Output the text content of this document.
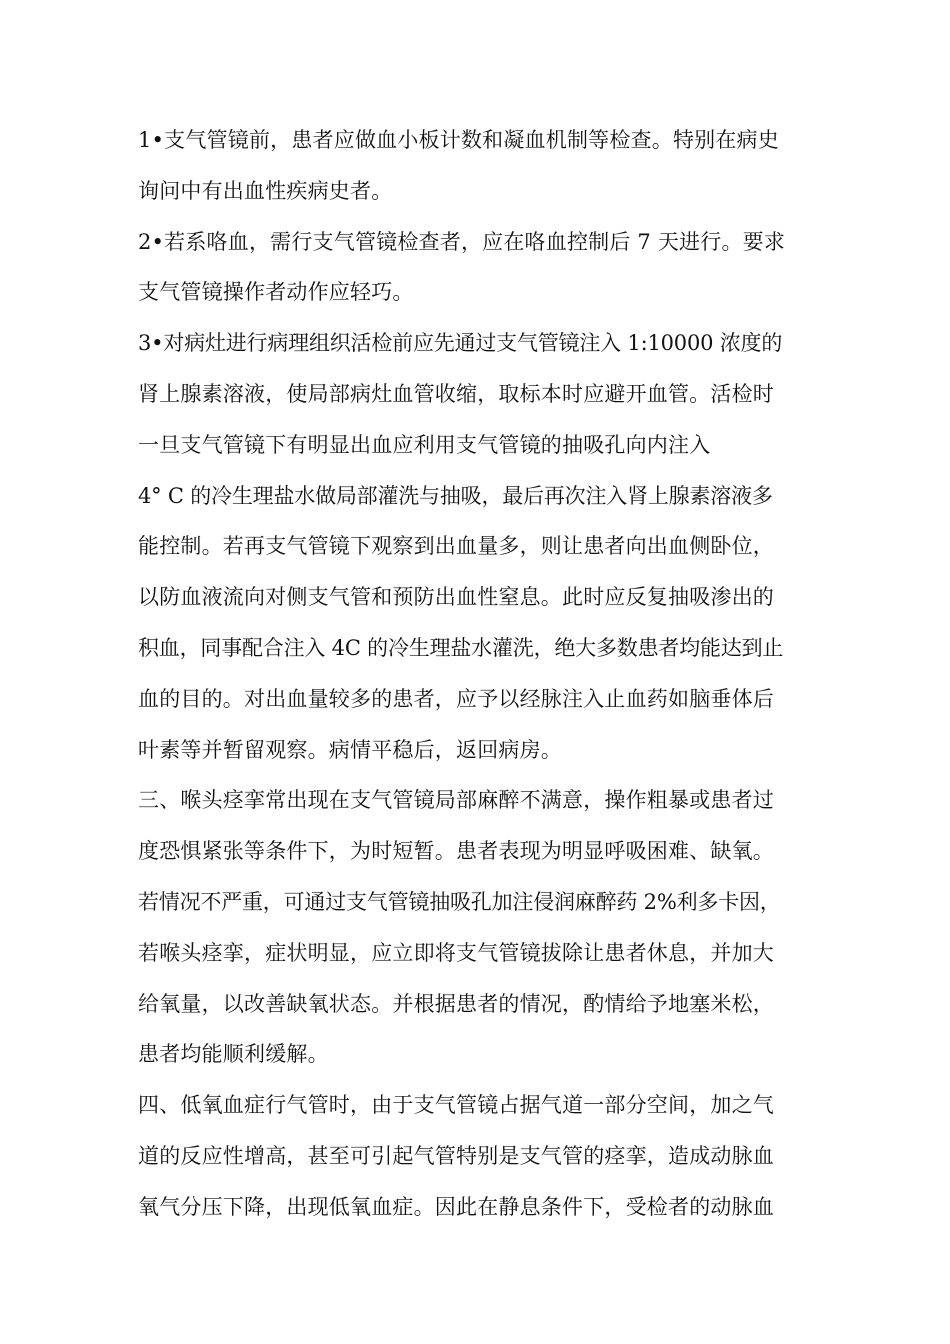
1•支气管镜前，患者应做血小板计数和凝血机制等检查。特别在病史
询问中有出血性疾病史者。
2•若系咯血，需行支气管镜检查者，应在咯血控制后 7 天进行。要求
支气管镜操作者动作应轻巧。
3•对病灶进行病理组织活检前应先通过支气管镜注入 1:10000 浓度的
肾上腺素溶液，使局部病灶血管收缩，取标本时应避开血管。活检时
一旦支气管镜下有明显出血应利用支气管镜的抽吸孔向内注入
4° C 的冷生理盐水做局部灌洗与抽吸，最后再次注入肾上腺素溶液多
能控制。若再支气管镜下观察到出血量多，则让患者向出血侧卧位，
以防血液流向对侧支气管和预防出血性窒息。此时应反复抽吸渗出的
积血，同事配合注入 4C 的冷生理盐水灌洗，绝大多数患者均能达到止
血的目的。对出血量较多的患者，应予以经脉注入止血药如脑垂体后
叶素等并暂留观察。病情平稳后，返回病房。
三、喉头痉挛常出现在支气管镜局部麻醉不满意，操作粗暴或患者过
度恐惧紧张等条件下，为时短暂。患者表现为明显呼吸困难、缺氧。
若情况不严重，可通过支气管镜抽吸孔加注侵润麻醉药 2%利多卡因，
若喉头痉挛，症状明显，应立即将支气管镜拔除让患者休息，并加大
给氧量，以改善缺氧状态。并根据患者的情况，酌情给予地塞米松，
患者均能顺利缓解。
四、低氧血症行气管时，由于支气管镜占据气道一部分空间，加之气
道的反应性增高，甚至可引起气管特别是支气管的痉挛，造成动脉血
氧气分压下降，出现低氧血症。因此在静息条件下，受检者的动脉血
